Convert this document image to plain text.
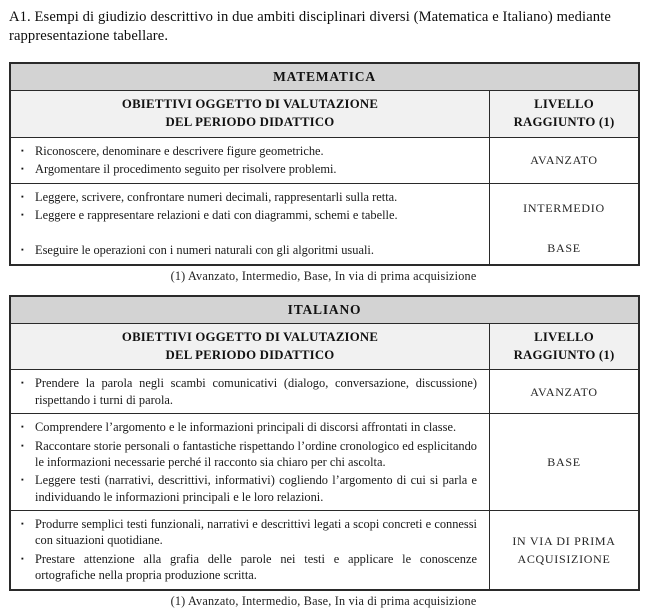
A1. Esempi di giudizio descrittivo in due ambiti disciplinari diversi (Matematica e Italiano) mediante rappresentazione tabellare.
MATEMATICA
OBIETTIVI OGGETTO DI VALUTAZIONE
DEL PERIODO DIDATTICO
LIVELLO
RAGGIUNTO (1)
▪ Riconoscere, denominare e descrivere figure geometriche.
▪ Argomentare il procedimento seguito per risolvere problemi.
AVANZATO
▪ Leggere, scrivere, confrontare numeri decimali, rappresentarli sulla retta.
▪ Leggere e rappresentare relazioni e dati con diagrammi, schemi e tabelle.	INTERMEDIO
▪ Eseguire le operazioni con i numeri naturali con gli algoritmi usuali.	BASE
(1) Avanzato, Intermedio, Base, In via di prima acquisizione
ITALIANO
OBIETTIVI OGGETTO DI VALUTAZIONE
DEL PERIODO DIDATTICO
LIVELLO
RAGGIUNTO (1)
▪ Prendere la parola negli scambi comunicativi (dialogo, conversazione, discussione) rispettando i turni di parola.
AVANZATO
▪ Comprendere l’argomento e le informazioni principali di discorsi affrontati in classe.
▪ Raccontare storie personali o fantastiche rispettando l’ordine cronologico ed esplicitando le informazioni necessarie perché il racconto sia chiaro per chi ascolta.
▪ Leggere testi (narrativi, descrittivi, informativi) cogliendo l’argomento di cui si parla e individuando le informazioni principali e le loro relazioni.
BASE
▪ Produrre semplici testi funzionali, narrativi e descrittivi legati a scopi concreti e connessi con situazioni quotidiane.
▪ Prestare attenzione alla grafia delle parole nei testi e applicare le conoscenze ortografiche nella propria produzione scritta.
IN VIA DI PRIMA ACQUISIZIONE
(1) Avanzato, Intermedio, Base, In via di prima acquisizione
